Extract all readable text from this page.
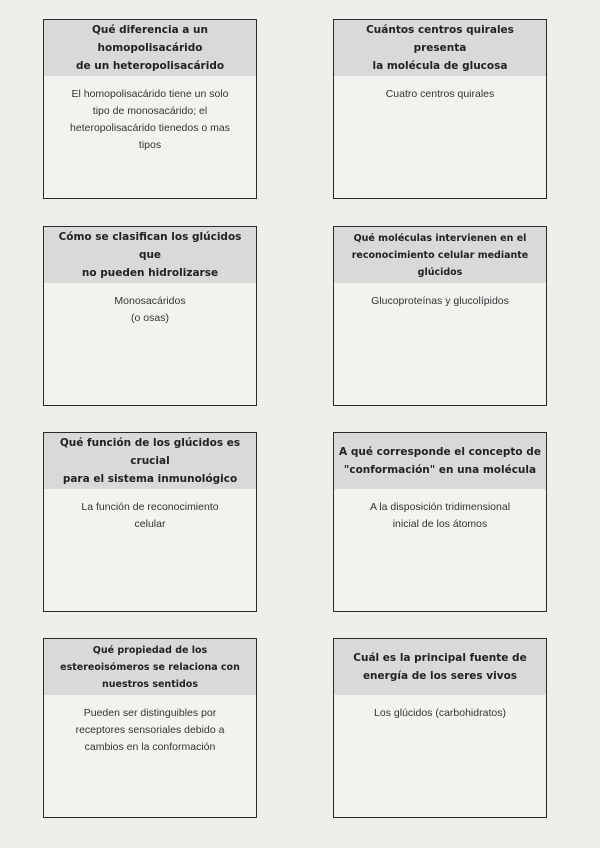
Qué diferencia a un homopolisacárido
de un heteropolisacárido
El homopolisacárido tiene un solo
tipo de monosacárido; el
heteropolisacárido tienedos o mas
tipos
Cuántos centros quirales presenta
la molécula de glucosa
Cuatro centros quirales
Cómo se clasifican los glúcidos que
no pueden hidrolizarse
Monosacáridos
(o osas)
Qué moléculas intervienen en el
reconocimiento celular mediante
glúcidos
Glucoproteínas y glucolípidos
Qué función de los glúcidos es crucial
para el sistema inmunológico
La función de reconocimiento
celular
A qué corresponde el concepto de
"conformación" en una molécula
A la disposición tridimensional
inicial de los átomos
Qué propiedad de los
estereoisómeros se relaciona con
nuestros sentidos
Pueden ser distinguibles por
receptores sensoriales debido a
cambios en la conformación
Cuál es la principal fuente de
energía de los seres vivos
Los glúcidos (carbohidratos)
